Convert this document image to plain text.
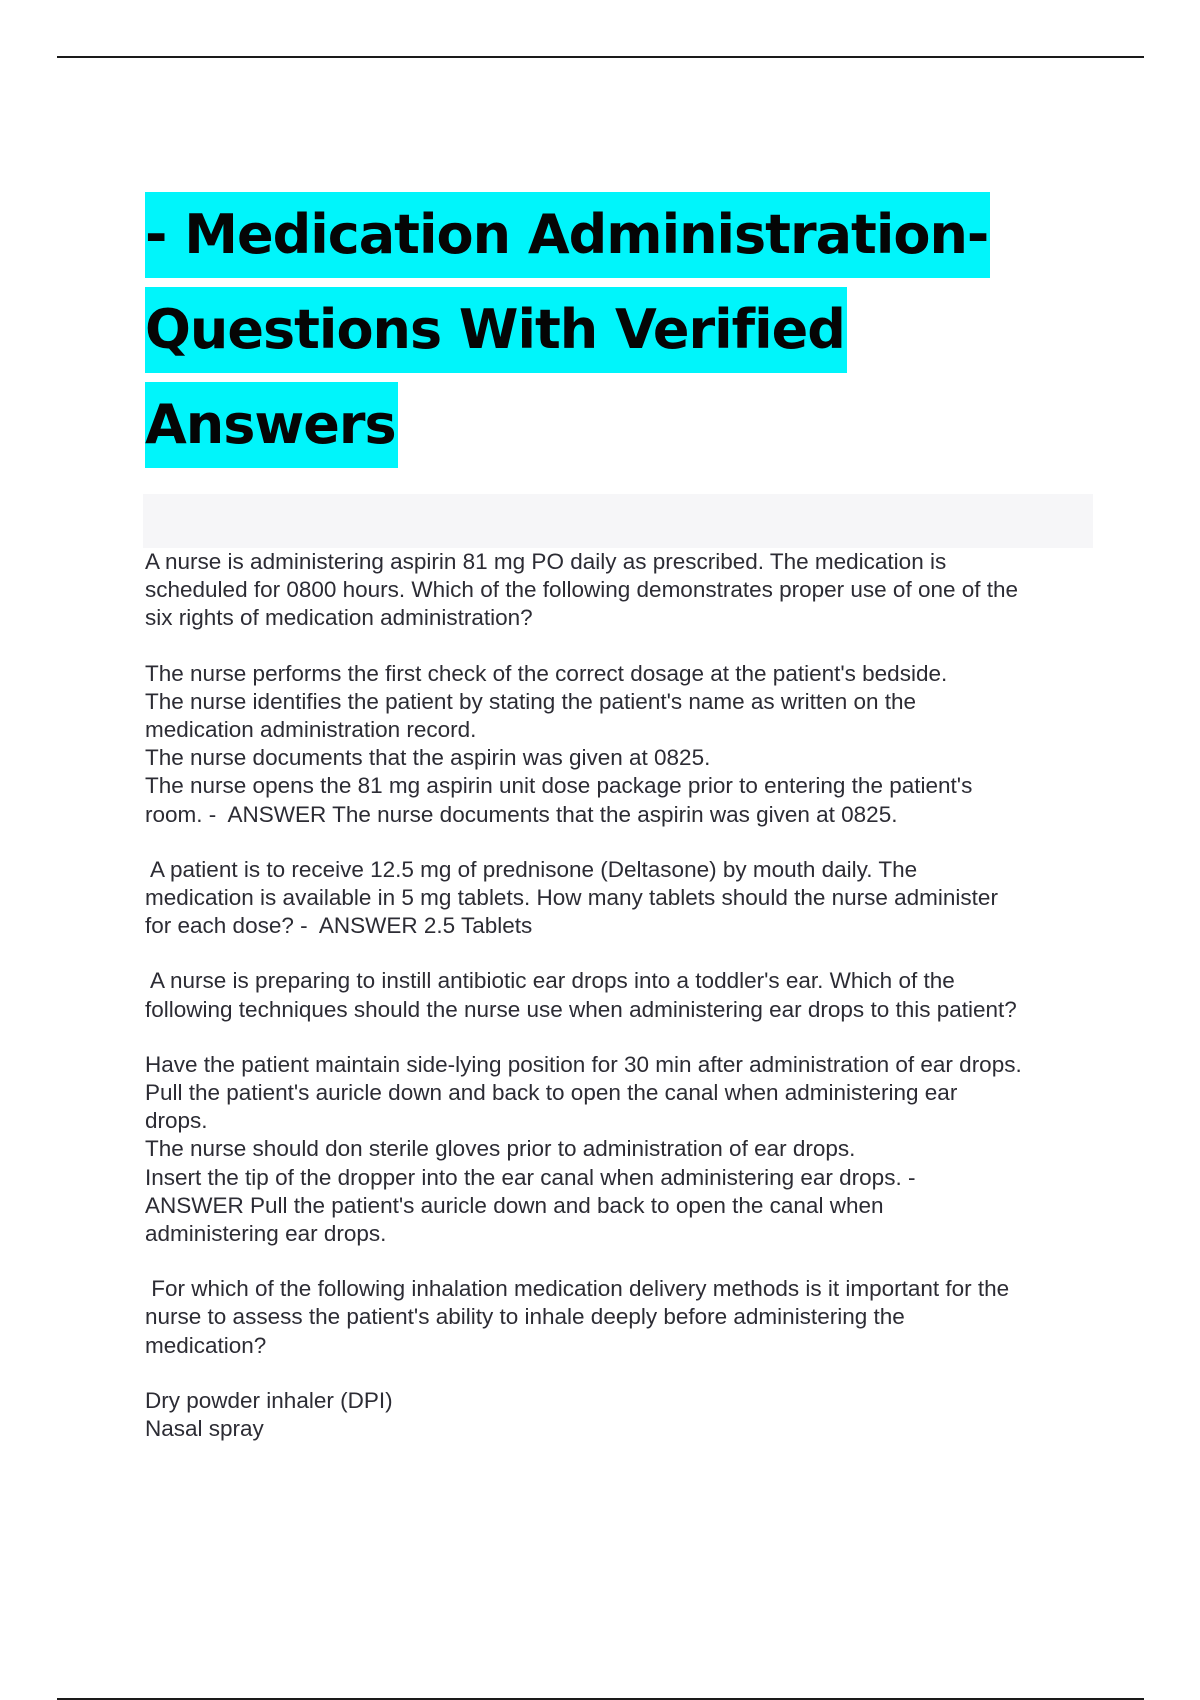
- Medication Administration-
Questions With Verified
Answers

A nurse is administering aspirin 81 mg PO daily as prescribed. The medication is
scheduled for 0800 hours. Which of the following demonstrates proper use of one of the
six rights of medication administration?

The nurse performs the first check of the correct dosage at the patient's bedside.
The nurse identifies the patient by stating the patient's name as written on the
medication administration record.
The nurse documents that the aspirin was given at 0825.
The nurse opens the 81 mg aspirin unit dose package prior to entering the patient's
room. -  ANSWER The nurse documents that the aspirin was given at 0825.

A patient is to receive 12.5 mg of prednisone (Deltasone) by mouth daily. The
medication is available in 5 mg tablets. How many tablets should the nurse administer
for each dose? -  ANSWER 2.5 Tablets

A nurse is preparing to instill antibiotic ear drops into a toddler's ear. Which of the
following techniques should the nurse use when administering ear drops to this patient?

Have the patient maintain side-lying position for 30 min after administration of ear drops.
Pull the patient's auricle down and back to open the canal when administering ear
drops.
The nurse should don sterile gloves prior to administration of ear drops.
Insert the tip of the dropper into the ear canal when administering ear drops. -
ANSWER Pull the patient's auricle down and back to open the canal when
administering ear drops.

For which of the following inhalation medication delivery methods is it important for the
nurse to assess the patient's ability to inhale deeply before administering the
medication?

Dry powder inhaler (DPI)
Nasal spray
